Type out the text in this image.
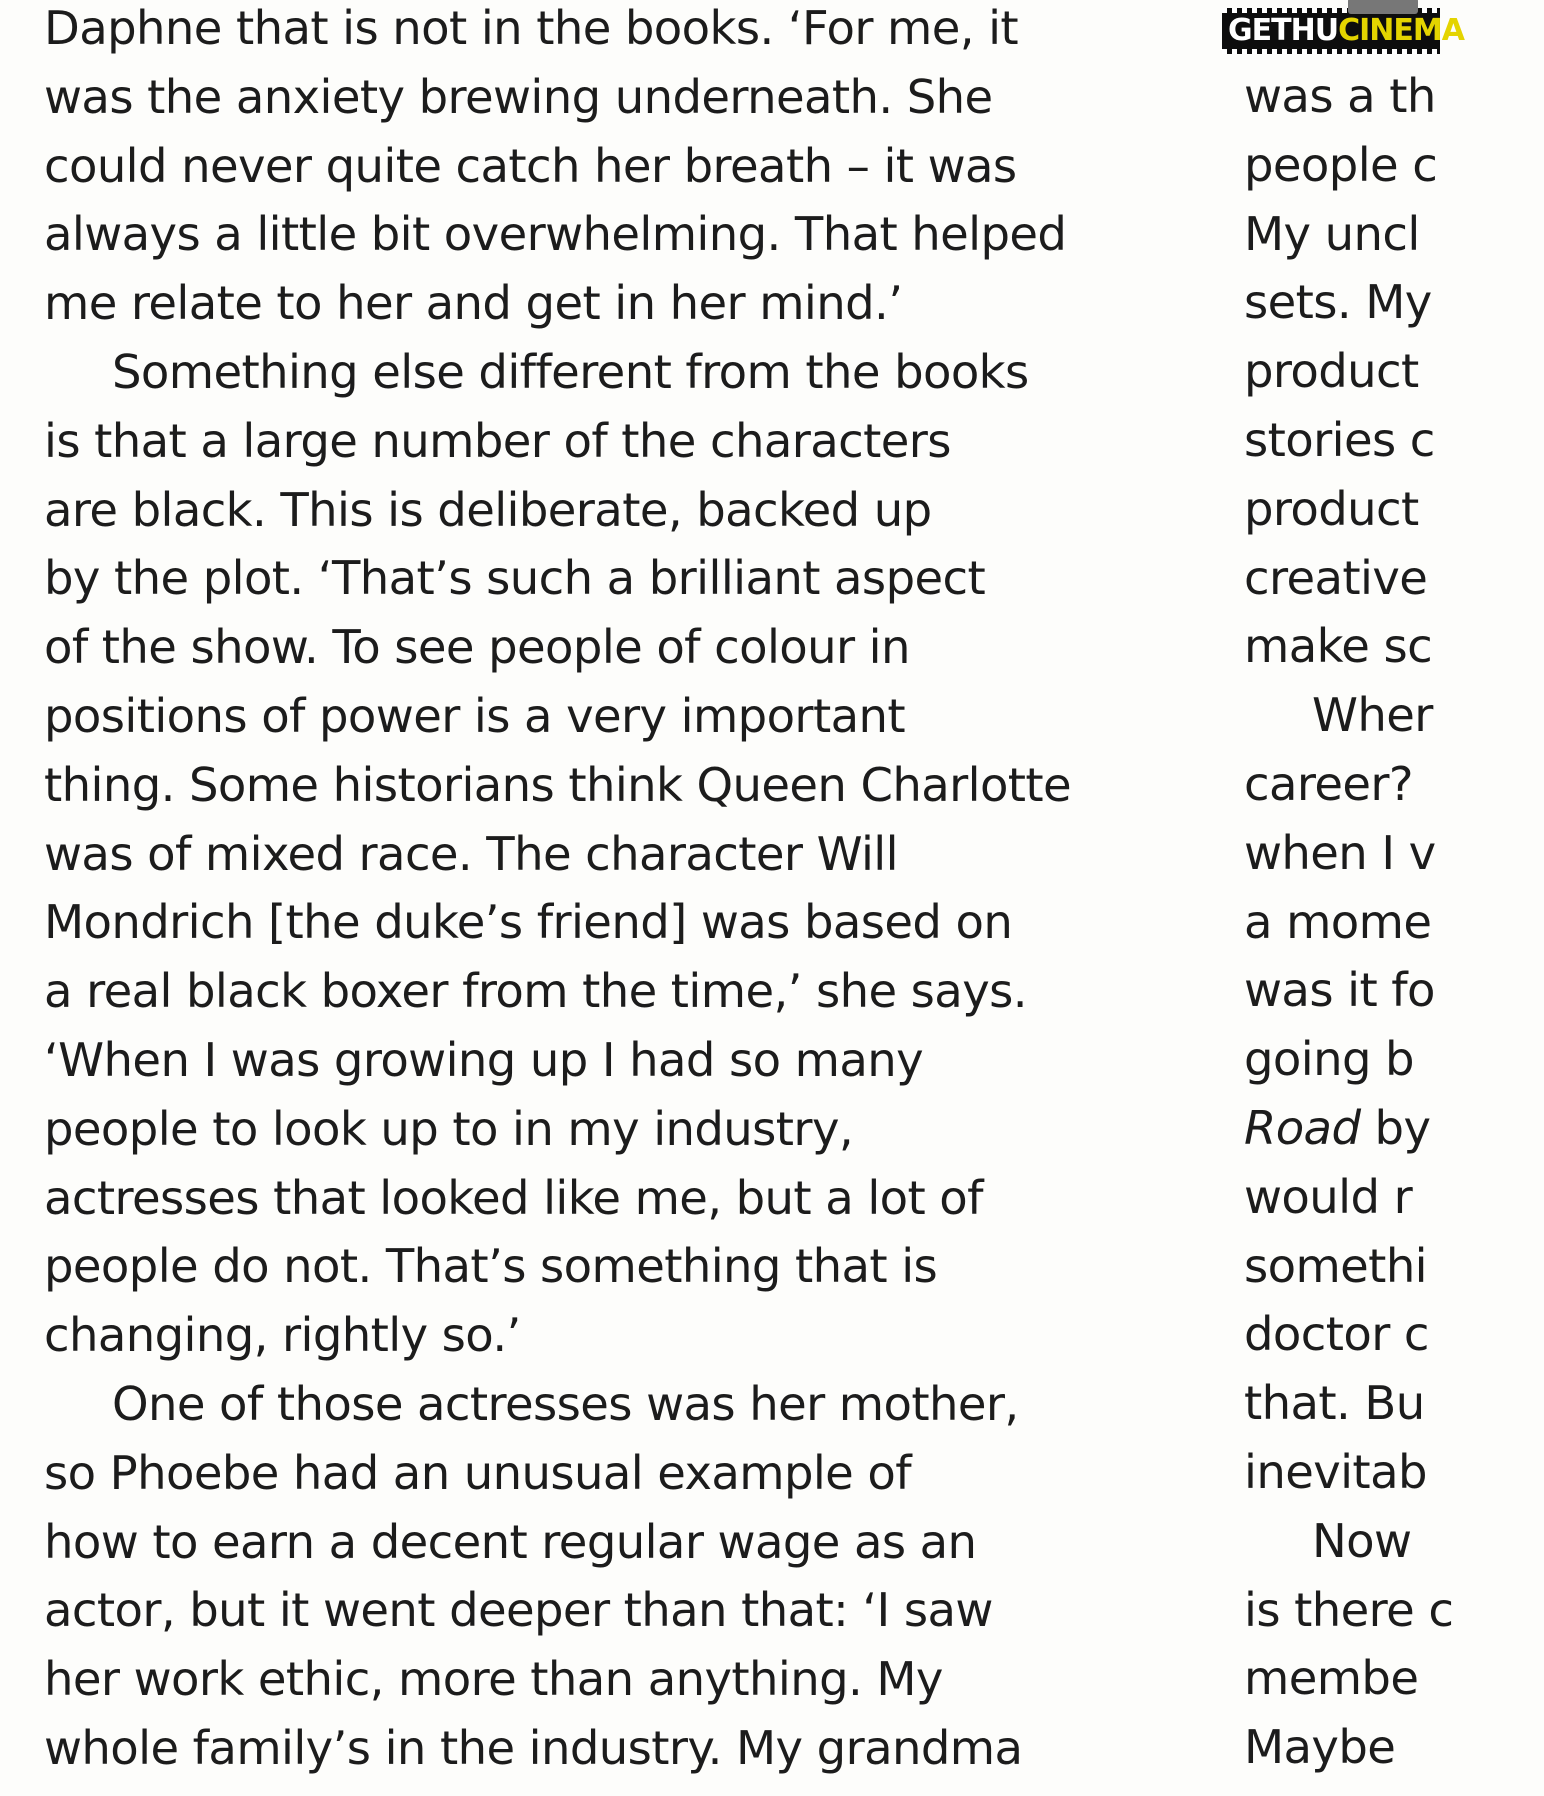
Daphne that is not in the books. ‘For me, it
was the anxiety brewing underneath. She
could never quite catch her breath – it was
always a little bit overwhelming. That helped
me relate to her and get in her mind.’
Something else different from the books
is that a large number of the characters
are black. This is deliberate, backed up
by the plot. ‘That’s such a brilliant aspect
of the show. To see people of colour in
positions of power is a very important
thing. Some historians think Queen Charlotte
was of mixed race. The character Will
Mondrich [the duke’s friend] was based on
a real black boxer from the time,’ she says.
‘When I was growing up I had so many
people to look up to in my industry,
actresses that looked like me, but a lot of
people do not. That’s something that is
changing, rightly so.’
One of those actresses was her mother,
so Phoebe had an unusual example of
how to earn a decent regular wage as an
actor, but it went deeper than that: ‘I saw
her work ethic, more than anything. My
whole family’s in the industry. My grandma
was a th
people c
My uncl
sets. My
product
stories c
product
creative
make sc
Wher
career?
when I v
a mome
was it fo
going b
Road by
would r
somethi
doctor c
that. Bu
inevitab
Now
is there c
membe
Maybe
GETHUCINEMA
